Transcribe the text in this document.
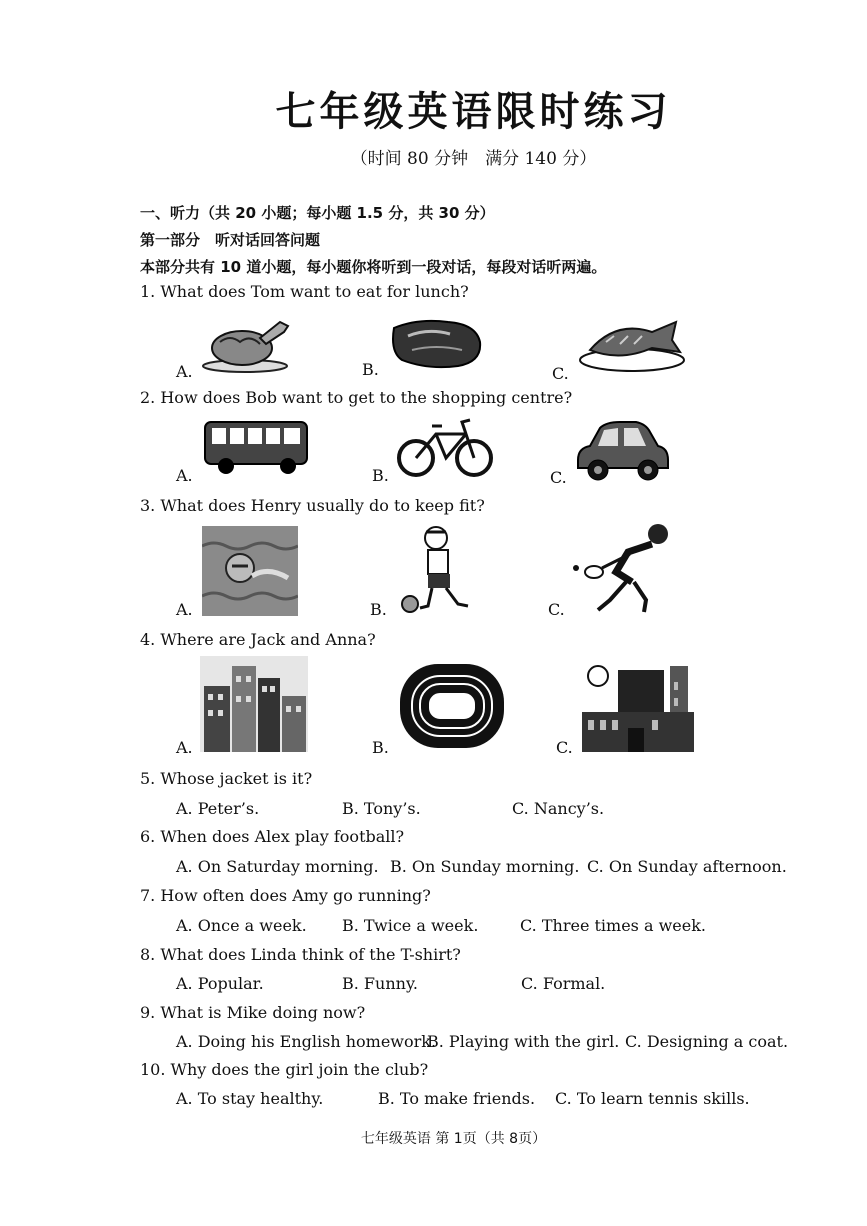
七年级英语限时练习
（时间 80 分钟　满分 140 分）
一、听力（共 20 小题；每小题 1.5 分，共 30 分）
第一部分　听对话回答问题
本部分共有 10 道小题，每小题你将听到一段对话，每段对话听两遍。
1. What does Tom want to eat for lunch?
A.	B.	C.
2. How does Bob want to get to the shopping centre?
A.	B.	C.
3. What does Henry usually do to keep fit?
A.	B.	C.
4. Where are Jack and Anna?
A.	B.	C.
5. Whose jacket is it?
A. Peter’s.	B. Tony’s.	C. Nancy’s.
6. When does Alex play football?
A. On Saturday morning. B. On Sunday morning. C. On Sunday afternoon.
7. How often does Amy go running?
A. Once a week. B. Twice a week.	C. Three times a week.
8. What does Linda think of the T-shirt?
A. Popular.	B. Funny.	C. Formal.
9. What is Mike doing now?
A. Doing his English homework.
B. Playing with the girl. C. Designing a coat.
10. Why does the girl join the club?
A. To stay healthy.	B. To make friends. C. To learn tennis skills.
七年级英语 第 1页（共 8页）
